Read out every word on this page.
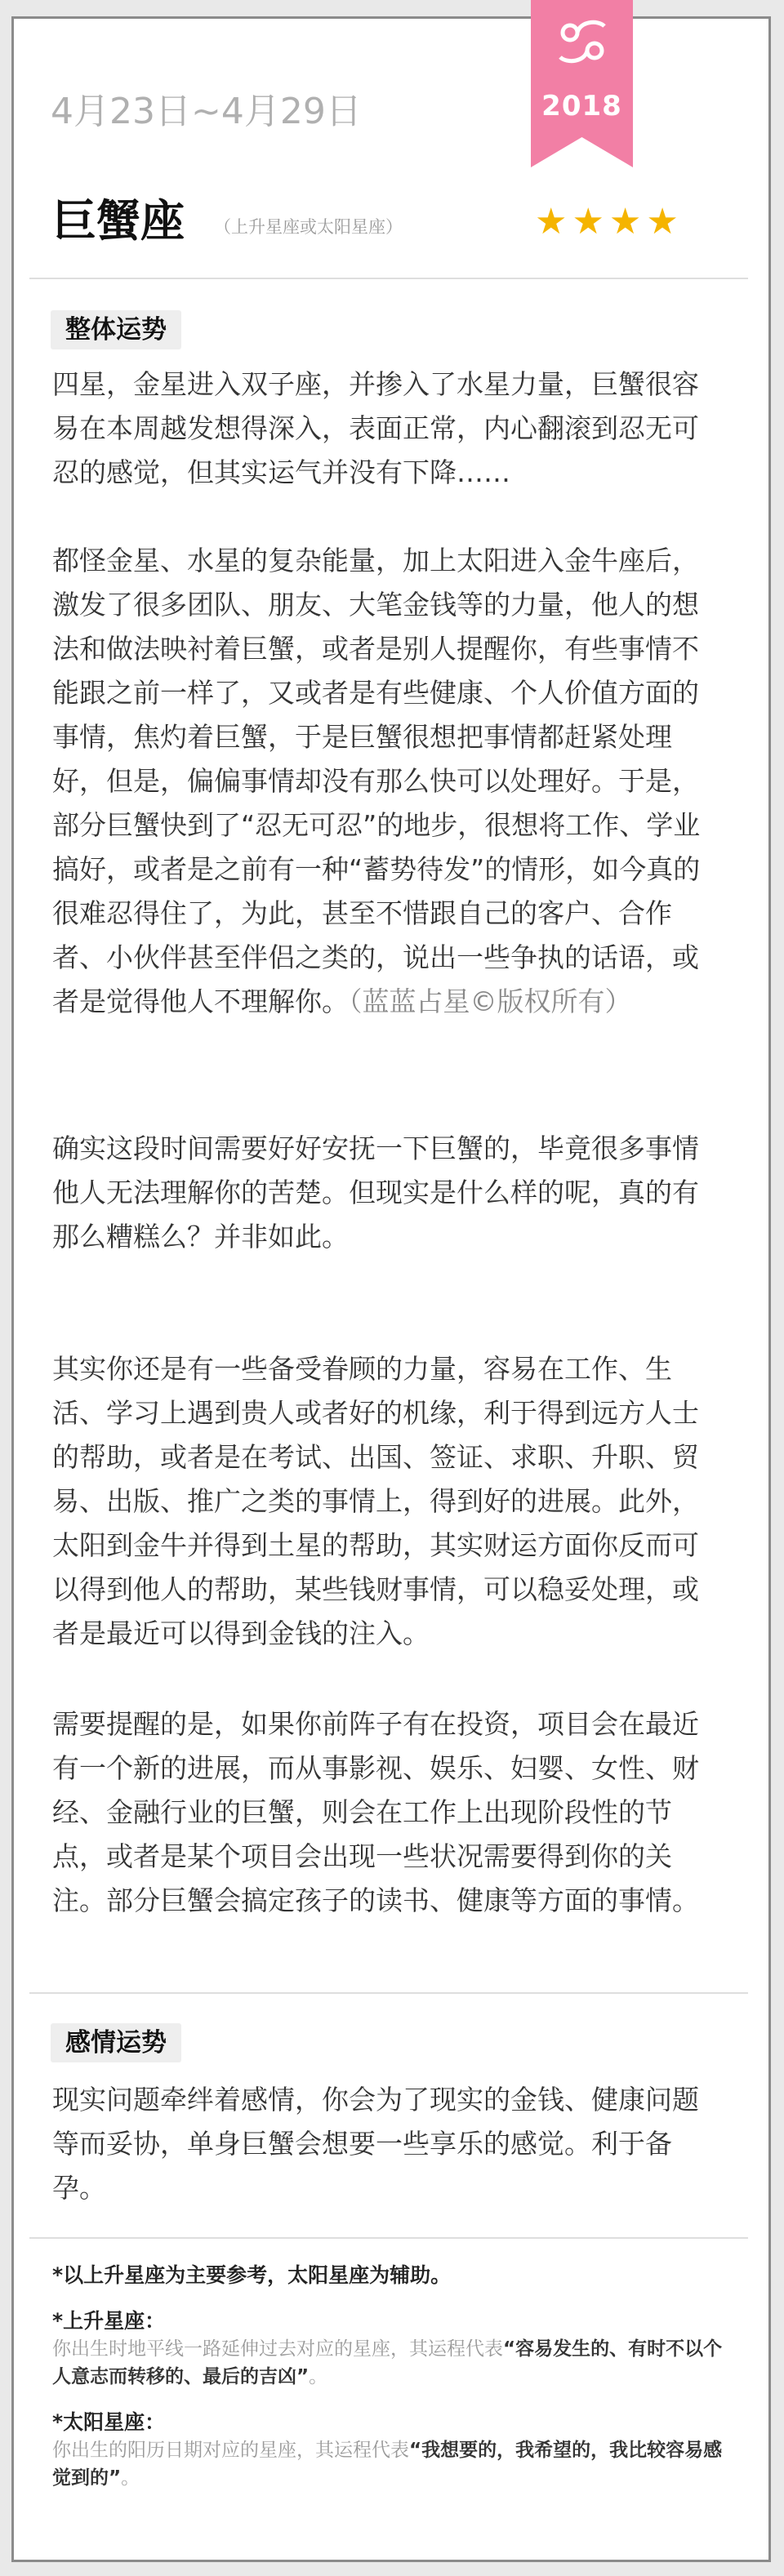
2018
4月23日~4月29日
巨蟹座 （上升星座或太阳星座）	★★★★
整体运势

四星，金星进入双子座，并掺入了水星力量，巨蟹很容易在本周越发想得深入，表面正常，内心翻滚到忍无可忍的感觉，但其实运气并没有下降……

都怪金星、水星的复杂能量，加上太阳进入金牛座后，激发了很多团队、朋友、大笔金钱等的力量，他人的想法和做法映衬着巨蟹，或者是别人提醒你，有些事情不能跟之前一样了，又或者是有些健康、个人价值方面的事情，焦灼着巨蟹，于是巨蟹很想把事情都赶紧处理好，但是，偏偏事情却没有那么快可以处理好。于是，部分巨蟹快到了“忍无可忍”的地步，很想将工作、学业搞好，或者是之前有一种“蓄势待发”的情形，如今真的很难忍得住了，为此，甚至不惜跟自己的客户、合作者、小伙伴甚至伴侣之类的，说出一些争执的话语，或者是觉得他人不理解你。（蓝蓝占星©版权所有）

确实这段时间需要好好安抚一下巨蟹的，毕竟很多事情他人无法理解你的苦楚。但现实是什么样的呢，真的有那么糟糕么？并非如此。

其实你还是有一些备受眷顾的力量，容易在工作、生活、学习上遇到贵人或者好的机缘，利于得到远方人士的帮助，或者是在考试、出国、签证、求职、升职、贸易、出版、推广之类的事情上，得到好的进展。此外，太阳到金牛并得到土星的帮助，其实财运方面你反而可以得到他人的帮助，某些钱财事情，可以稳妥处理，或者是最近可以得到金钱的注入。

需要提醒的是，如果你前阵子有在投资，项目会在最近有一个新的进展，而从事影视、娱乐、妇婴、女性、财经、金融行业的巨蟹，则会在工作上出现阶段性的节点，或者是某个项目会出现一些状况需要得到你的关注。部分巨蟹会搞定孩子的读书、健康等方面的事情。

感情运势

现实问题牵绊着感情，你会为了现实的金钱、健康问题等而妥协，单身巨蟹会想要一些享乐的感觉。利于备孕。

*以上升星座为主要参考，太阳星座为辅助。
*上升星座：
你出生时地平线一路延伸过去对应的星座，其运程代表“容易发生的、有时不以个人意志而转移的、最后的吉凶”。
*太阳星座：
你出生的阳历日期对应的星座，其运程代表“我想要的，我希望的，我比较容易感觉到的”。
